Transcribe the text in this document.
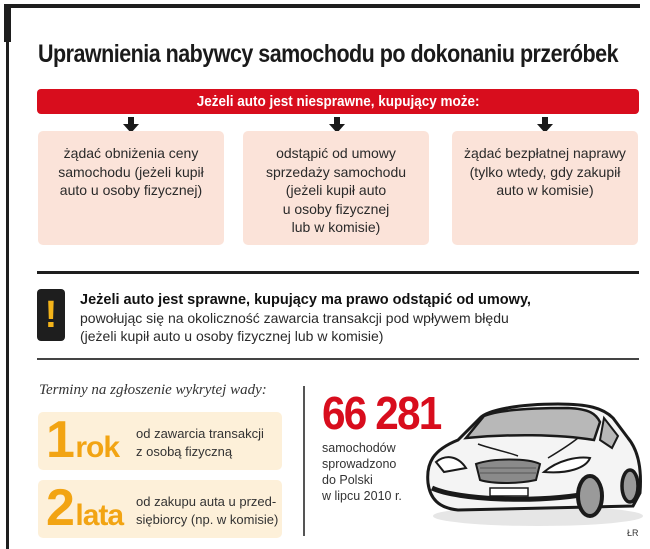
Uprawnienia nabywcy samochodu po dokonaniu przeróbek
Jeżeli auto jest niesprawne, kupujący może:
żądać obniżenia ceny
samochodu (jeżeli kupił
auto u osoby fizycznej)
odstąpić od umowy
sprzedaży samochodu
(jeżeli kupił auto
u osoby fizycznej
lub w komisie)
żądać bezpłatnej naprawy
(tylko wtedy, gdy zakupił
auto w komisie)
!	Jeżeli auto jest sprawne, kupujący ma prawo odstąpić od umowy,
powołując się na okoliczność zawarcia transakcji pod wpływem błędu
(jeżeli kupił auto u osoby fizycznej lub w komisie)
Terminy na zgłoszenie wykrytej wady:
1 rok od zawarcia transakcji
z osobą fizyczną
2 lata od zakupu auta u przed-
siębiorcy (np. w komisie)
66 281
samochodów
sprowadzono
do Polski
w lipcu 2010 r.
ŁR
